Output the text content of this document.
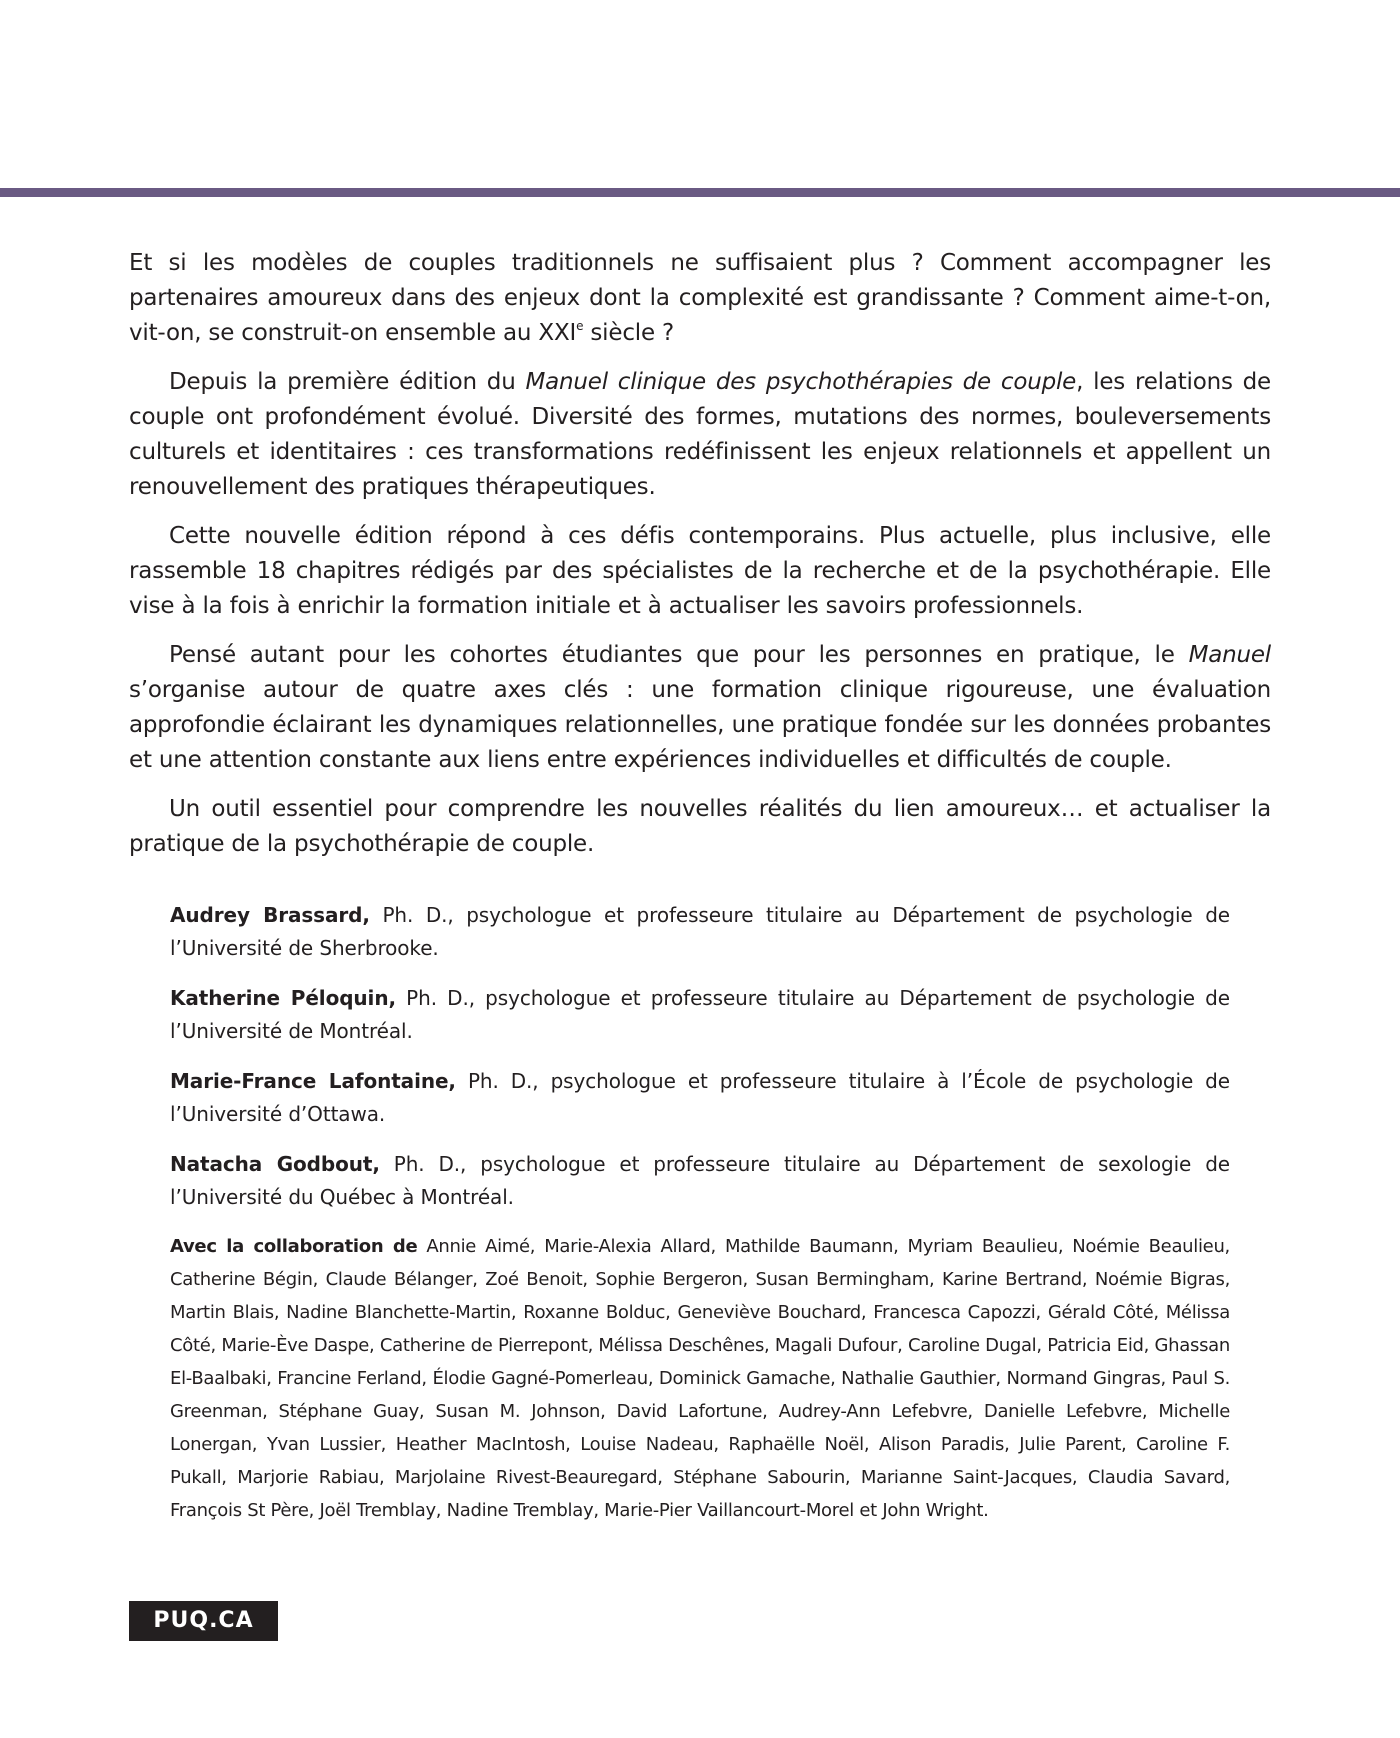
Et si les modèles de couples traditionnels ne suffisaient plus ? Comment accompagner les partenaires amoureux dans des enjeux dont la complexité est grandissante ? Comment aime-t-on, vit-on, se construit-on ensemble au XXIe siècle ?

Depuis la première édition du Manuel clinique des psychothérapies de couple, les relations de couple ont profondément évolué. Diversité des formes, mutations des normes, bouleversements culturels et identitaires : ces transformations redéfinissent les enjeux relationnels et appellent un renouvellement des pratiques thérapeutiques.

Cette nouvelle édition répond à ces défis contemporains. Plus actuelle, plus inclusive, elle rassemble 18 chapitres rédigés par des spécialistes de la recherche et de la psychothérapie. Elle vise à la fois à enrichir la formation initiale et à actualiser les savoirs professionnels.

Pensé autant pour les cohortes étudiantes que pour les personnes en pratique, le Manuel s’organise autour de quatre axes clés : une formation clinique rigoureuse, une évaluation approfondie éclairant les dynamiques relationnelles, une pratique fondée sur les données probantes et une attention constante aux liens entre expériences individuelles et difficultés de couple.

Un outil essentiel pour comprendre les nouvelles réalités du lien amoureux… et actualiser la pratique de la psychothérapie de couple.

Audrey Brassard, Ph. D., psychologue et professeure titulaire au Département de psychologie de l’Université de Sherbrooke.

Katherine Péloquin, Ph. D., psychologue et professeure titulaire au Département de psychologie de l’Université de Montréal.

Marie-France Lafontaine, Ph. D., psychologue et professeure titulaire à l’École de psychologie de l’Université d’Ottawa.

Natacha Godbout, Ph. D., psychologue et professeure titulaire au Département de sexologie de l’Université du Québec à Montréal.

Avec la collaboration de Annie Aimé, Marie-Alexia Allard, Mathilde Baumann, Myriam Beaulieu, Noémie Beaulieu, Catherine Bégin, Claude Bélanger, Zoé Benoit, Sophie Bergeron, Susan Bermingham, Karine Bertrand, Noémie Bigras, Martin Blais, Nadine Blanchette-Martin, Roxanne Bolduc, Geneviève Bouchard, Francesca Capozzi, Gérald Côté, Mélissa Côté, Marie-Ève Daspe, Catherine de Pierrepont, Mélissa Deschênes, Magali Dufour, Caroline Dugal, Patricia Eid, Ghassan El-Baalbaki, Francine Ferland, Élodie Gagné-Pomerleau, Dominick Gamache, Nathalie Gauthier, Normand Gingras, Paul S. Greenman, Stéphane Guay, Susan M. Johnson, David Lafortune, Audrey-Ann Lefebvre, Danielle Lefebvre, Michelle Lonergan, Yvan Lussier, Heather MacIntosh, Louise Nadeau, Raphaëlle Noël, Alison Paradis, Julie Parent, Caroline F. Pukall, Marjorie Rabiau, Marjolaine Rivest-Beauregard, Stéphane Sabourin, Marianne Saint-Jacques, Claudia Savard, François St Père, Joël Tremblay, Nadine Tremblay, Marie-Pier Vaillancourt-Morel et John Wright.
PUQ.CA
